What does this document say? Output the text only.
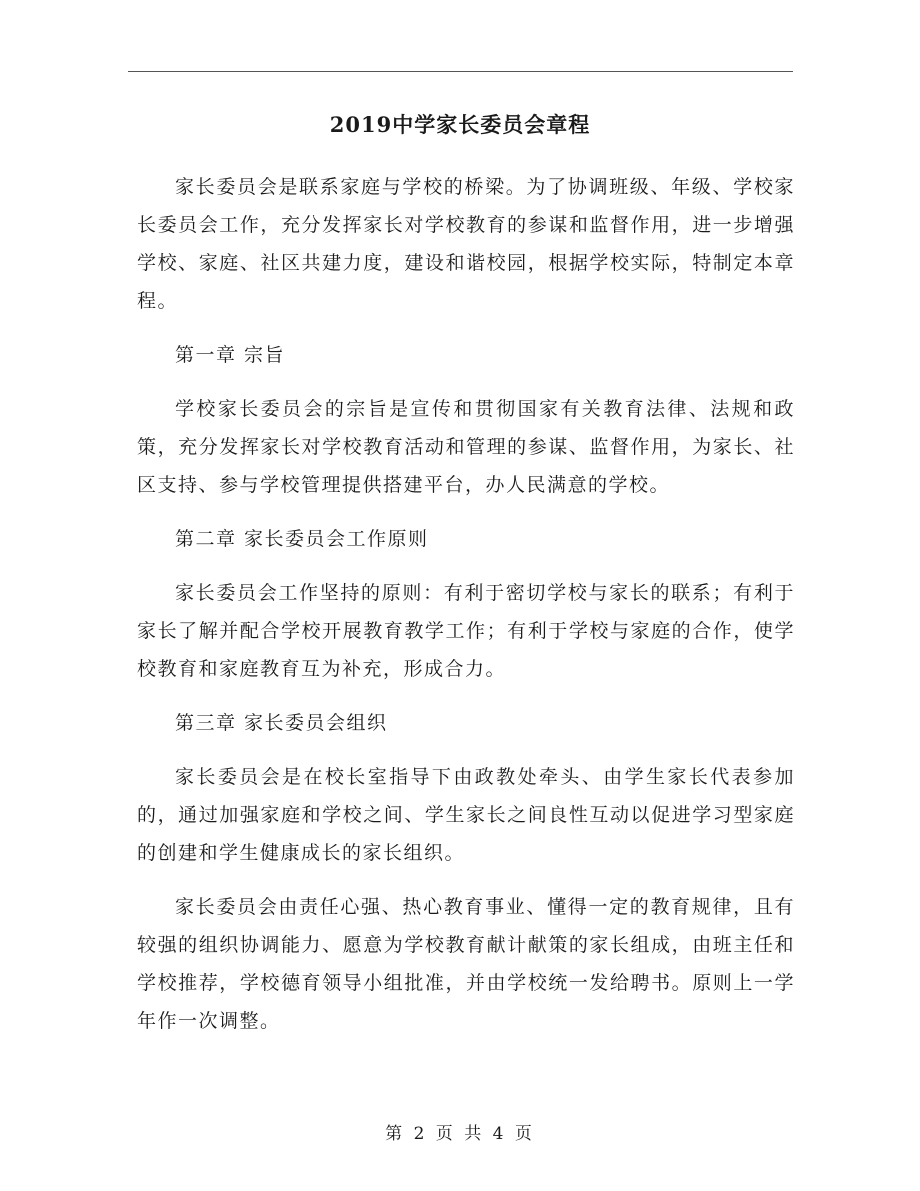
2019中学家长委员会章程

家长委员会是联系家庭与学校的桥梁。为了协调班级、年级、学校家长委员会工作，充分发挥家长对学校教育的参谋和监督作用，进一步增强学校、家庭、社区共建力度，建设和谐校园，根据学校实际，特制定本章程。

第一章 宗旨

学校家长委员会的宗旨是宣传和贯彻国家有关教育法律、法规和政策，充分发挥家长对学校教育活动和管理的参谋、监督作用，为家长、社区支持、参与学校管理提供搭建平台，办人民满意的学校。

第二章 家长委员会工作原则

家长委员会工作坚持的原则：有利于密切学校与家长的联系；有利于家长了解并配合学校开展教育教学工作；有利于学校与家庭的合作，使学校教育和家庭教育互为补充，形成合力。

第三章 家长委员会组织

家长委员会是在校长室指导下由政教处牵头、由学生家长代表参加的，通过加强家庭和学校之间、学生家长之间良性互动以促进学习型家庭的创建和学生健康成长的家长组织。

家长委员会由责任心强、热心教育事业、懂得一定的教育规律，且有较强的组织协调能力、愿意为学校教育献计献策的家长组成，由班主任和学校推荐，学校德育领导小组批准，并由学校统一发给聘书。原则上一学年作一次调整。

第 2 页 共 4 页
